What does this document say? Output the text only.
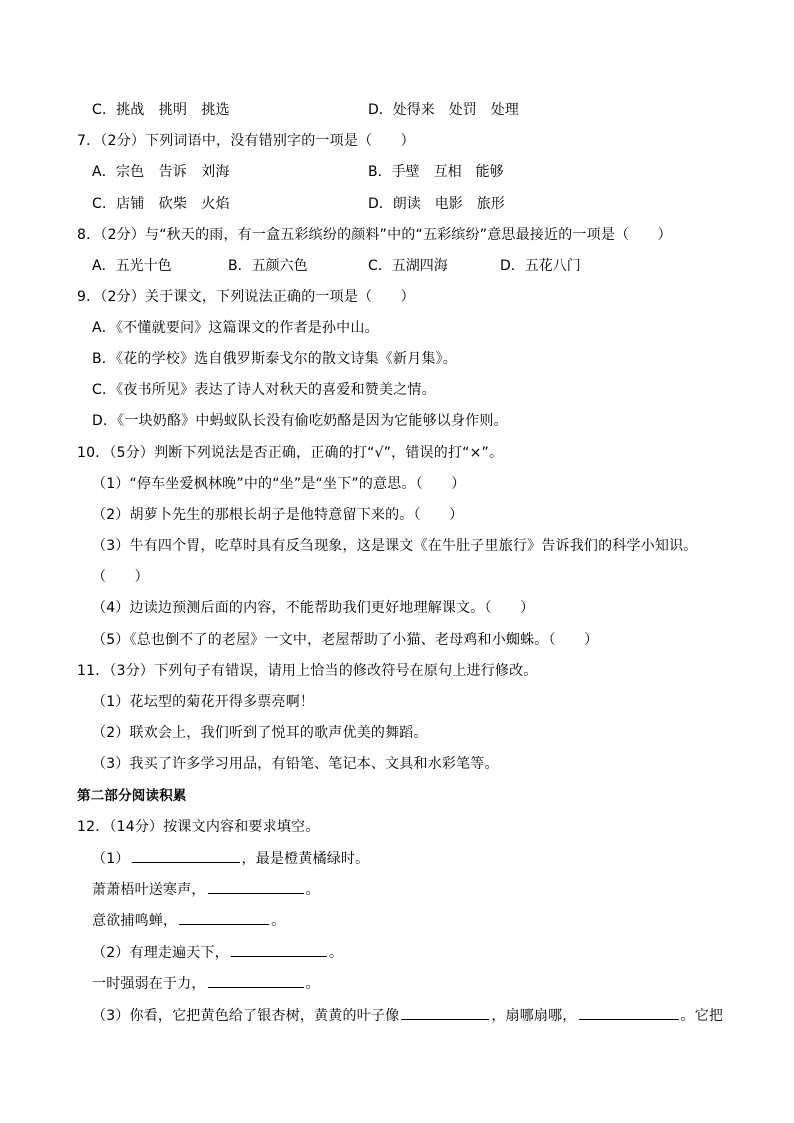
C．挑战　挑明　挑选	D．处得来　处罚　处理
7．（2分）下列词语中，没有错别字的一项是（　　）
A．宗色　告诉　刘海	B．手壁　互相　能够
C．店铺　砍柴　火焰	D．朗读　电影　旅形
8．（2分）与“秋天的雨，有一盒五彩缤纷的颜料”中的“五彩缤纷”意思最接近的一项是（　　）
A．五光十色	B．五颜六色	C．五湖四海	D．五花八门
9．（2分）关于课文，下列说法正确的一项是（　　）
A．《不懂就要问》这篇课文的作者是孙中山。
B．《花的学校》选自俄罗斯泰戈尔的散文诗集《新月集》。
C．《夜书所见》表达了诗人对秋天的喜爱和赞美之情。
D．《一块奶酪》中蚂蚁队长没有偷吃奶酪是因为它能够以身作则。
10．（5分）判断下列说法是否正确，正确的打“√”，错误的打“×”。
（1）“停车坐爱枫林晚”中的“坐”是“坐下”的意思。（　　）
（2）胡萝卜先生的那根长胡子是他特意留下来的。（　　）
（3）牛有四个胃，吃草时具有反刍现象，这是课文《在牛肚子里旅行》告诉我们的科学小知识。
（　　）
（4）边读边预测后面的内容，不能帮助我们更好地理解课文。（　　）
（5）《总也倒不了的老屋》一文中，老屋帮助了小猫、老母鸡和小蜘蛛。（　　）
11．（3分）下列句子有错误，请用上恰当的修改符号在原句上进行修改。
（1）花坛型的菊花开得多票亮啊！
（2）联欢会上，我们听到了悦耳的歌声优美的舞蹈。
（3）我买了许多学习用品，有铅笔、笔记本、文具和水彩笔等。
第二部分阅读积累
12．（14分）按课文内容和要求填空。
（1）	，最是橙黄橘绿时。
萧萧梧叶送寒声，	。
意欲捕鸣蝉，	。
（2）有理走遍天下，	。
一时强弱在于力，	。
（3）你看，它把黄色给了银杏树，黄黄的叶子像	，扇哪扇哪，	。它把
